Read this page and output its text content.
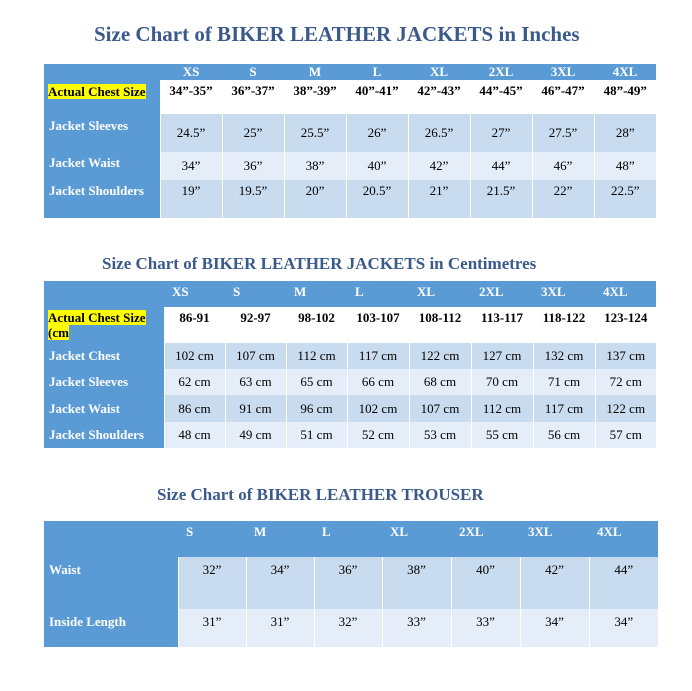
Size Chart of BIKER LEATHER JACKETS in Inches
	XS	S	M	L	XL	2XL	3XL	4XL
Actual Chest Size	34”-35”	36”-37”	38”-39”	40”-41”	42”-43”	44”-45”	46”-47”	48”-49”
Jacket Sleeves	24.5”	25”	25.5”	26”	26.5”	27”	27.5”	28”
Jacket Waist	34”	36”	38”	40”	42”	44”	46”	48”
Jacket Shoulders	19”	19.5”	20”	20.5”	21”	21.5”	22”	22.5”
Size Chart of BIKER LEATHER JACKETS in Centimetres
	XS	S	M	L	XL	2XL	3XL	4XL
Actual Chest Size
(cm	86-91	92-97	98-102	103-107	108-112	113-117	118-122	123-124
Jacket Chest	102 cm	107 cm	112 cm	117 cm	122 cm	127 cm	132 cm	137 cm
Jacket Sleeves	62 cm	63 cm	65 cm	66 cm	68 cm	70 cm	71 cm	72 cm
Jacket Waist	86 cm	91 cm	96 cm	102 cm	107 cm	112 cm	117 cm	122 cm
Jacket Shoulders	48 cm	49 cm	51 cm	52 cm	53 cm	55 cm	56 cm	57 cm
Size Chart of BIKER LEATHER TROUSER
	S	M	L	XL	2XL	3XL	4XL
Waist	32”	34”	36”	38”	40”	42”	44”
Inside Length	31”	31”	32”	33”	33”	34”	34”
